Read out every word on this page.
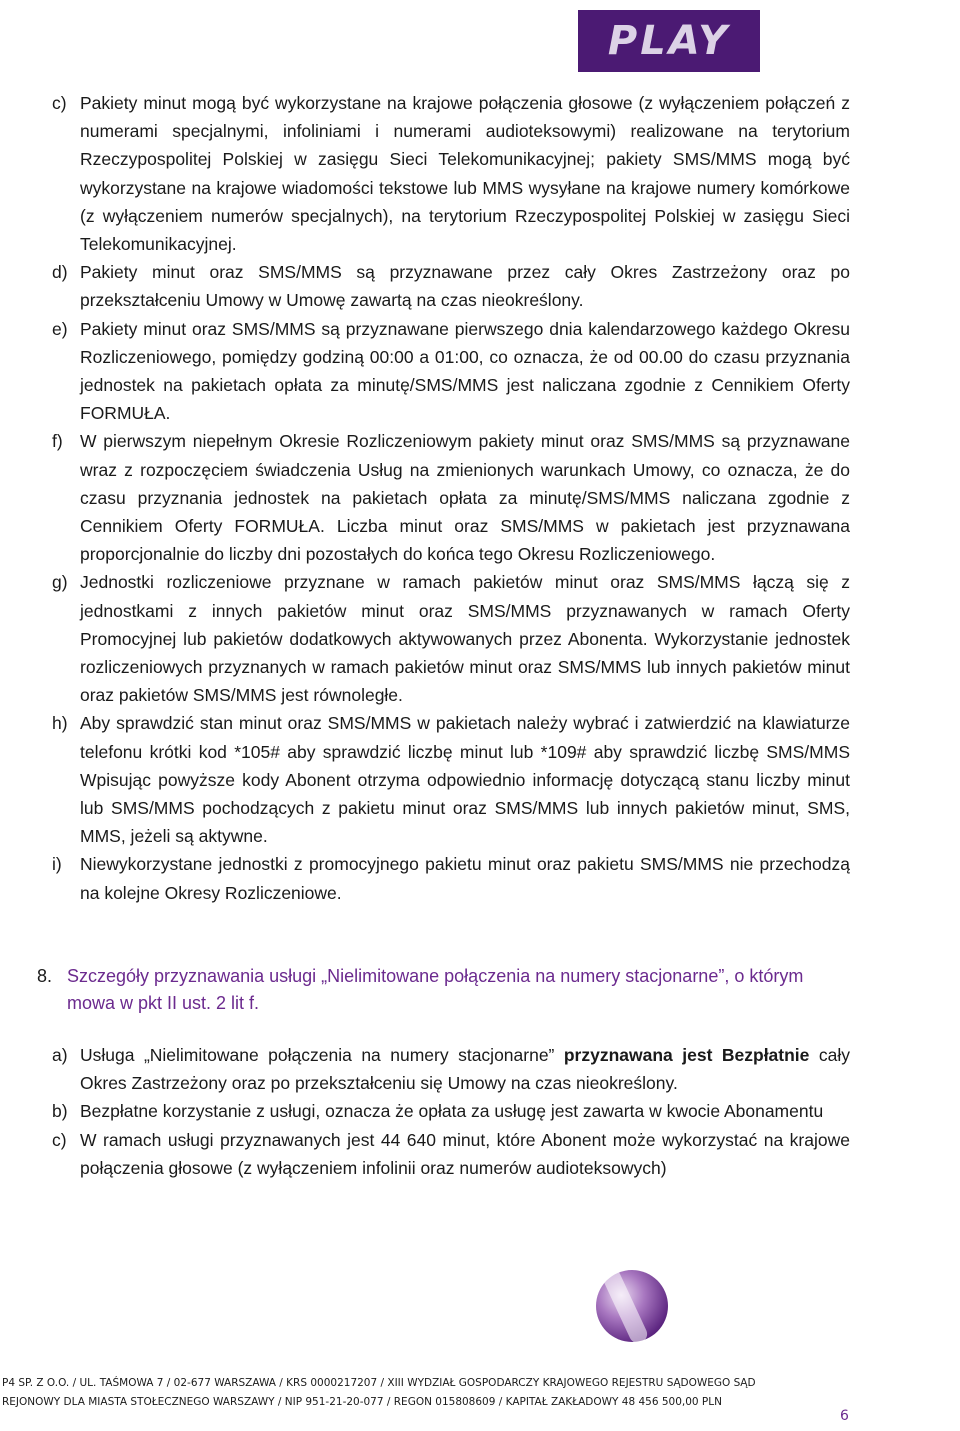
PLAY
c) Pakiety minut mogą być wykorzystane na krajowe połączenia głosowe (z wyłączeniem połączeń z numerami specjalnymi, infoliniami i numerami audioteksowymi) realizowane na terytorium Rzeczypospolitej Polskiej w zasięgu Sieci Telekomunikacyjnej; pakiety SMS/MMS mogą być wykorzystane na krajowe wiadomości tekstowe lub MMS wysyłane na krajowe numery komórkowe (z wyłączeniem numerów specjalnych), na terytorium Rzeczypospolitej Polskiej w zasięgu Sieci Telekomunikacyjnej.
d) Pakiety minut oraz SMS/MMS są przyznawane przez cały Okres Zastrzeżony oraz po przekształceniu Umowy w Umowę zawartą na czas nieokreślony.
e) Pakiety minut oraz SMS/MMS są przyznawane pierwszego dnia kalendarzowego każdego Okresu Rozliczeniowego, pomiędzy godziną 00:00 a 01:00, co oznacza, że od 00.00 do czasu przyznania jednostek na pakietach opłata za minutę/SMS/MMS jest naliczana zgodnie z Cennikiem Oferty FORMUŁA.
f) W pierwszym niepełnym Okresie Rozliczeniowym pakiety minut oraz SMS/MMS są przyznawane wraz z rozpoczęciem świadczenia Usług na zmienionych warunkach Umowy, co oznacza, że do czasu przyznania jednostek na pakietach opłata za minutę/SMS/MMS naliczana zgodnie z Cennikiem Oferty FORMUŁA. Liczba minut oraz SMS/MMS w pakietach jest przyznawana proporcjonalnie do liczby dni pozostałych do końca tego Okresu Rozliczeniowego.
g) Jednostki rozliczeniowe przyznane w ramach pakietów minut oraz SMS/MMS łączą się z jednostkami z innych pakietów minut oraz SMS/MMS przyznawanych w ramach Oferty Promocyjnej lub pakietów dodatkowych aktywowanych przez Abonenta. Wykorzystanie jednostek rozliczeniowych przyznanych w ramach pakietów minut oraz SMS/MMS lub innych pakietów minut oraz pakietów SMS/MMS jest równoległe.
h) Aby sprawdzić stan minut oraz SMS/MMS w pakietach należy wybrać i zatwierdzić na klawiaturze telefonu krótki kod *105# aby sprawdzić liczbę minut lub *109# aby sprawdzić liczbę SMS/MMS Wpisując powyższe kody Abonent otrzyma odpowiednio informację dotyczącą stanu liczby minut lub SMS/MMS pochodzących z pakietu minut oraz SMS/MMS lub innych pakietów minut, SMS, MMS, jeżeli są aktywne.
i)	Niewykorzystane jednostki z promocyjnego pakietu minut oraz pakietu SMS/MMS nie przechodzą na kolejne Okresy Rozliczeniowe.
8. Szczegóły przyznawania usługi „Nielimitowane połączenia na numery stacjonarne”, o którym mowa w pkt II ust. 2 lit f.
a) Usługa „Nielimitowane połączenia na numery stacjonarne” przyznawana jest Bezpłatnie cały Okres Zastrzeżony oraz po przekształceniu się Umowy na czas nieokreślony.
b) Bezpłatne korzystanie z usługi, oznacza że opłata za usługę jest zawarta w kwocie Abonamentu
c) W ramach usługi przyznawanych jest 44 640 minut, które Abonent może wykorzystać na krajowe połączenia głosowe (z wyłączeniem infolinii oraz numerów audioteksowych)
P4 SP. Z O.O. / UL. TAŚMOWA 7 / 02-677 WARSZAWA / KRS 0000217207 / XIII WYDZIAŁ GOSPODARCZY KRAJOWEGO REJESTRU SĄDOWEGO SĄD
REJONOWY DLA MIASTA STOŁECZNEGO WARSZAWY / NIP 951-21-20-077 / REGON 015808609 / KAPITAŁ ZAKŁADOWY 48 456 500,00 PLN
6
